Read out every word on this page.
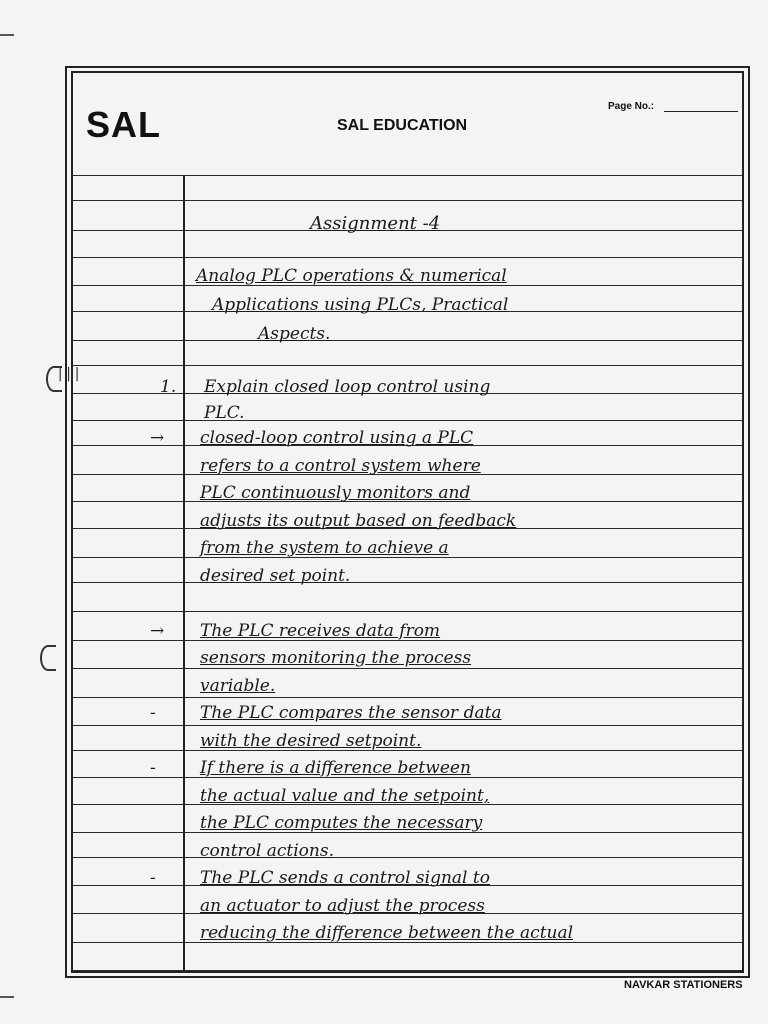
|||
SAL	SAL EDUCATION
Page No.:
Assignment -4
Analog PLC operations & numerical
Applications using PLCs, Practical
Aspects.
1. Explain closed loop control using
PLC.
→ closed-loop control using a PLC
refers to a control system where
PLC continuously monitors and
adjusts its output based on feedback
from the system to achieve a
desired set point.
→ The PLC receives data from
sensors monitoring the process
variable.
-	The PLC compares the sensor data
with the desired setpoint.
-	If there is a difference between
the actual value and the setpoint,
the PLC computes the necessary
control actions.
-	The PLC sends a control signal to
an actuator to adjust the process
reducing the difference between the actual
NAVKAR STATIONERS
